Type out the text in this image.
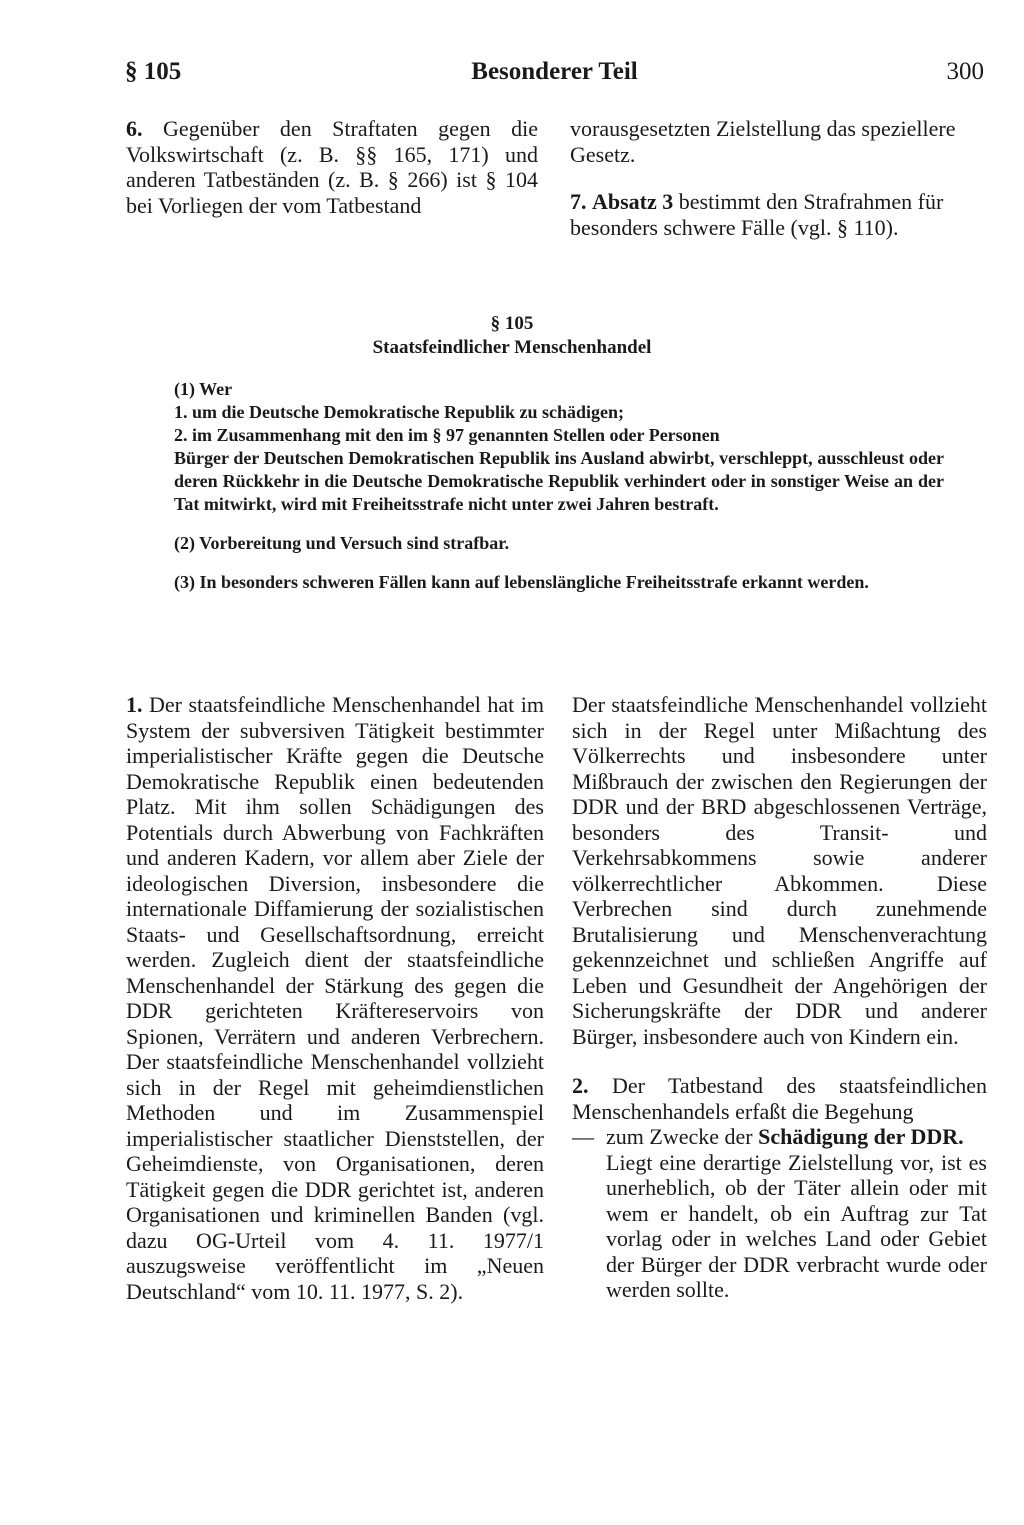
§ 105	Besonderer Teil	300
6. Gegenüber den Straftaten gegen die Volkswirtschaft (z. B. §§ 165, 171) und anderen Tatbeständen (z. B. § 266) ist § 104 bei Vorliegen der vom Tatbestand
vorausgesetzten Zielstellung das speziellere Gesetz.
7. Absatz 3 bestimmt den Strafrahmen für besonders schwere Fälle (vgl. § 110).
§ 105
Staatsfeindlicher Menschenhandel
(1) Wer
1. um die Deutsche Demokratische Republik zu schädigen;
2. im Zusammenhang mit den im § 97 genannten Stellen oder Personen
Bürger der Deutschen Demokratischen Republik ins Ausland abwirbt, verschleppt, ausschleust oder deren Rückkehr in die Deutsche Demokratische Republik verhindert oder in sonstiger Weise an der Tat mitwirkt, wird mit Freiheitsstrafe nicht unter zwei Jahren bestraft.
(2) Vorbereitung und Versuch sind strafbar.
(3) In besonders schweren Fällen kann auf lebenslängliche Freiheitsstrafe erkannt werden.
1. Der staatsfeindliche Menschenhandel hat im System der subversiven Tätigkeit bestimmter imperialistischer Kräfte gegen die Deutsche Demokratische Republik einen bedeutenden Platz. Mit ihm sollen Schädigungen des Potentials durch Abwerbung von Fachkräften und anderen Kadern, vor allem aber Ziele der ideologischen Diversion, insbesondere die internationale Diffamierung der sozialistischen Staats- und Gesellschaftsordnung, erreicht werden. Zugleich dient der staatsfeindliche Menschenhandel der Stärkung des gegen die DDR gerichteten Kräftereservoirs von Spionen, Verrätern und anderen Verbrechern. Der staatsfeindliche Menschenhandel vollzieht sich in der Regel mit geheimdienstlichen Methoden und im Zusammenspiel imperialistischer staatlicher Dienststellen, der Geheimdienste, von Organisationen, deren Tätigkeit gegen die DDR gerichtet ist, anderen Organisationen und kriminellen Banden (vgl. dazu OG-Urteil vom 4. 11. 1977/1 auszugsweise veröffentlicht im „Neuen Deutschland“ vom 10. 11. 1977, S. 2).
Der staatsfeindliche Menschenhandel vollzieht sich in der Regel unter Mißachtung des Völkerrechts und insbesondere unter Mißbrauch der zwischen den Regierungen der DDR und der BRD abgeschlossenen Verträge, besonders des Transit- und Verkehrsabkommens sowie anderer völkerrechtlicher Abkommen. Diese Verbrechen sind durch zunehmende Brutalisierung und Menschenverachtung gekennzeichnet und schließen Angriffe auf Leben und Gesundheit der Angehörigen der Sicherungskräfte der DDR und anderer Bürger, insbesondere auch von Kindern ein.
2. Der Tatbestand des staatsfeindlichen Menschenhandels erfaßt die Begehung
— zum Zwecke der Schädigung der DDR.
Liegt eine derartige Zielstellung vor, ist es unerheblich, ob der Täter allein oder mit wem er handelt, ob ein Auftrag zur Tat vorlag oder in welches Land oder Gebiet der Bürger der DDR verbracht wurde oder werden sollte.
